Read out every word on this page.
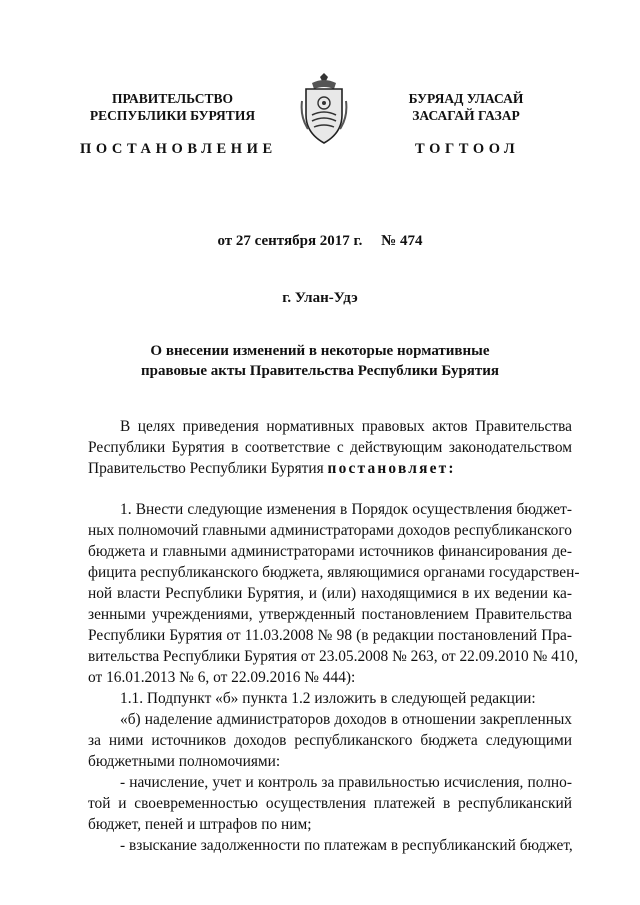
ПРАВИТЕЛЬСТВО
РЕСПУБЛИКИ БУРЯТИЯ
БУРЯАД УЛАСАЙ
ЗАСАГАЙ ГАЗАР
ПОСТАНОВЛЕНИЕ	ТОГТООЛ
от 27 сентября 2017 г.     № 474
г. Улан-Удэ
О внесении изменений в некоторые нормативные
правовые акты Правительства Республики Бурятия
В целях приведения нормативных правовых актов Правительства
Республики Бурятия в соответствие с действующим законодательством
Правительство Республики Бурятия постановляет:
1. Внести следующие изменения в Порядок осуществления бюджет-
ных полномочий главными администраторами доходов республиканского
бюджета и главными администраторами источников финансирования де-
фицита республиканского бюджета, являющимися органами государствен-
ной власти Республики Бурятия, и (или) находящимися в их ведении ка-
зенными учреждениями, утвержденный постановлением Правительства
Республики Бурятия от 11.03.2008 № 98 (в редакции постановлений Пра-
вительства Республики Бурятия от 23.05.2008 № 263, от 22.09.2010 № 410,
от 16.01.2013 № 6, от 22.09.2016 № 444):
1.1. Подпункт «б» пункта 1.2 изложить в следующей редакции:
«б) наделение администраторов доходов в отношении закрепленных
за ними источников доходов республиканского бюджета следующими
бюджетными полномочиями:
- начисление, учет и контроль за правильностью исчисления, полно-
той и своевременностью осуществления платежей в республиканский
бюджет, пеней и штрафов по ним;
- взыскание задолженности по платежам в республиканский бюджет,
